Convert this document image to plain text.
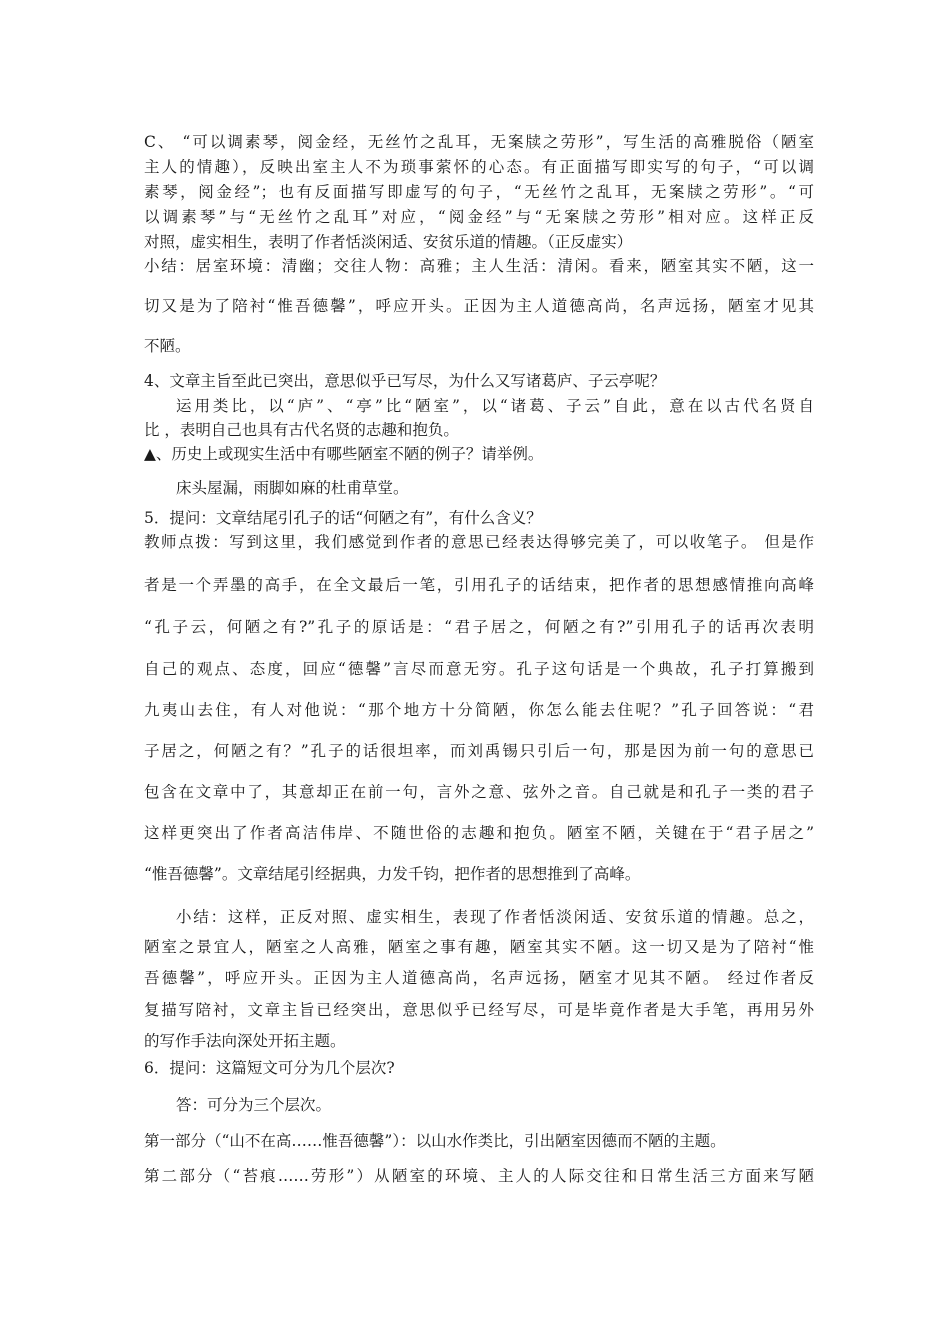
C、 “可以调素琴，阅金经，无丝竹之乱耳，无案牍之劳形”，写生活的高雅脱俗（陋室
主人的情趣），反映出室主人不为琐事萦怀的心态。有正面描写即实写的句子，“可以调
素琴，阅金经”；也有反面描写即虚写的句子，“无丝竹之乱耳，无案牍之劳形”。“可
以调素琴”与“无丝竹之乱耳”对应，“阅金经”与“无案牍之劳形”相对应。这样正反
对照，虚实相生，表明了作者恬淡闲适、安贫乐道的情趣。（正反虚实）
小结：居室环境：清幽；交往人物：高雅；主人生活：清闲。看来，陋室其实不陋，这一
切又是为了陪衬“惟吾德馨”，呼应开头。正因为主人道德高尚，名声远扬，陋室才见其
不陋。
4、文章主旨至此已突出，意思似乎已写尽，为什么又写诸葛庐、子云亭呢？
运用类比，以“庐”、“亭”比“陋室”，以“诸葛、子云”自此，意在以古代名贤自
比 ，表明自己也具有古代名贤的志趣和抱负。
▲、历史上或现实生活中有哪些陋室不陋的例子？请举例。
床头屋漏，雨脚如麻的杜甫草堂。
5．提问：文章结尾引孔子的话“何陋之有”，有什么含义？
教师点拨：写到这里，我们感觉到作者的意思已经表达得够完美了，可以收笔子。 但是作
者是一个弄墨的高手，在全文最后一笔，引用孔子的话结束，把作者的思想感情推向高峰
“孔子云，何陋之有?”孔子的原话是：“君子居之，何陋之有?”引用孔子的话再次表明
自己的观点、态度，回应“德馨”言尽而意无穷。孔子这句话是一个典故，孔子打算搬到
九夷山去住，有人对他说：“那个地方十分简陋，你怎么能去住呢？”孔子回答说：“君
子居之，何陋之有？”孔子的话很坦率，而刘禹锡只引后一句，那是因为前一句的意思已
包含在文章中了，其意却正在前一句，言外之意、弦外之音。自己就是和孔子一类的君子
这样更突出了作者高洁伟岸、不随世俗的志趣和抱负。陋室不陋，关键在于“君子居之”
“惟吾德馨”。文章结尾引经据典，力发千钧，把作者的思想推到了高峰。
小结：这样，正反对照、虚实相生，表现了作者恬淡闲适、安贫乐道的情趣。总之，
陋室之景宜人，陋室之人高雅，陋室之事有趣，陋室其实不陋。这一切又是为了陪衬“惟
吾德馨”，呼应开头。正因为主人道德高尚，名声远扬，陋室才见其不陋。 经过作者反
复描写陪衬，文章主旨已经突出，意思似乎已经写尽，可是毕竟作者是大手笔，再用另外
的写作手法向深处开拓主题。
6．提问：这篇短文可分为几个层次?
答：可分为三个层次。
第一部分（“山不在高……惟吾德馨”）：以山水作类比，引出陋室因德而不陋的主题。
第二部分（“苔痕……劳形”）从陋室的环境、主人的人际交往和日常生活三方面来写陋
